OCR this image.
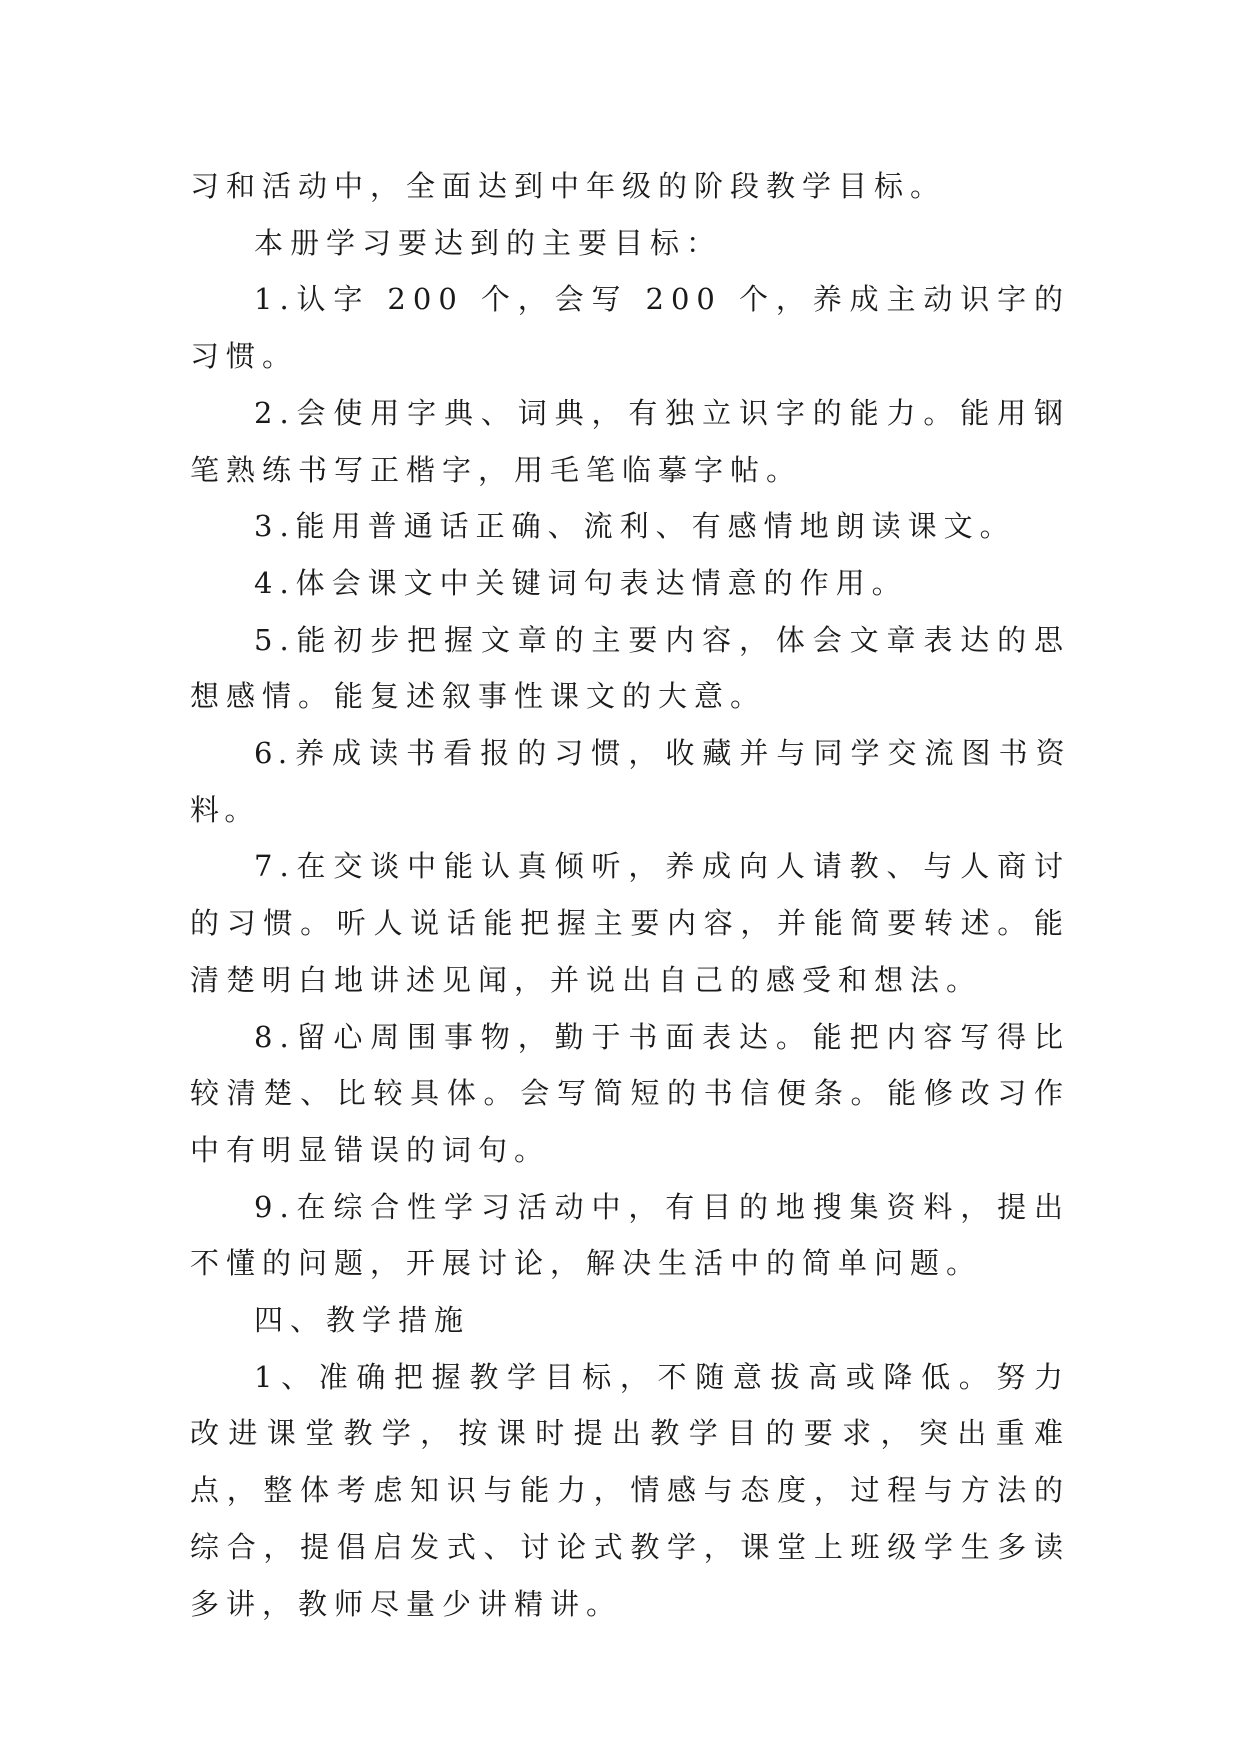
习和活动中，全面达到中年级的阶段教学目标。

本册学习要达到的主要目标：

1.认字 200 个，会写 200 个，养成主动识字的习惯。

2.会使用字典、词典，有独立识字的能力。能用钢笔熟练书写正楷字，用毛笔临摹字帖。

3.能用普通话正确、流利、有感情地朗读课文。

4.体会课文中关键词句表达情意的作用。

5.能初步把握文章的主要内容，体会文章表达的思想感情。能复述叙事性课文的大意。

6.养成读书看报的习惯，收藏并与同学交流图书资料。

7.在交谈中能认真倾听，养成向人请教、与人商讨的习惯。听人说话能把握主要内容，并能简要转述。能清楚明白地讲述见闻，并说出自己的感受和想法。

8.留心周围事物，勤于书面表达。能把内容写得比较清楚、比较具体。会写简短的书信便条。能修改习作中有明显错误的词句。

9.在综合性学习活动中，有目的地搜集资料，提出不懂的问题，开展讨论，解决生活中的简单问题。

四、教学措施

1、准确把握教学目标，不随意拔高或降低。努力改进课堂教学，按课时提出教学目的要求，突出重难点，整体考虑知识与能力，情感与态度，过程与方法的综合，提倡启发式、讨论式教学，课堂上班级学生多读多讲，教师尽量少讲精讲。
